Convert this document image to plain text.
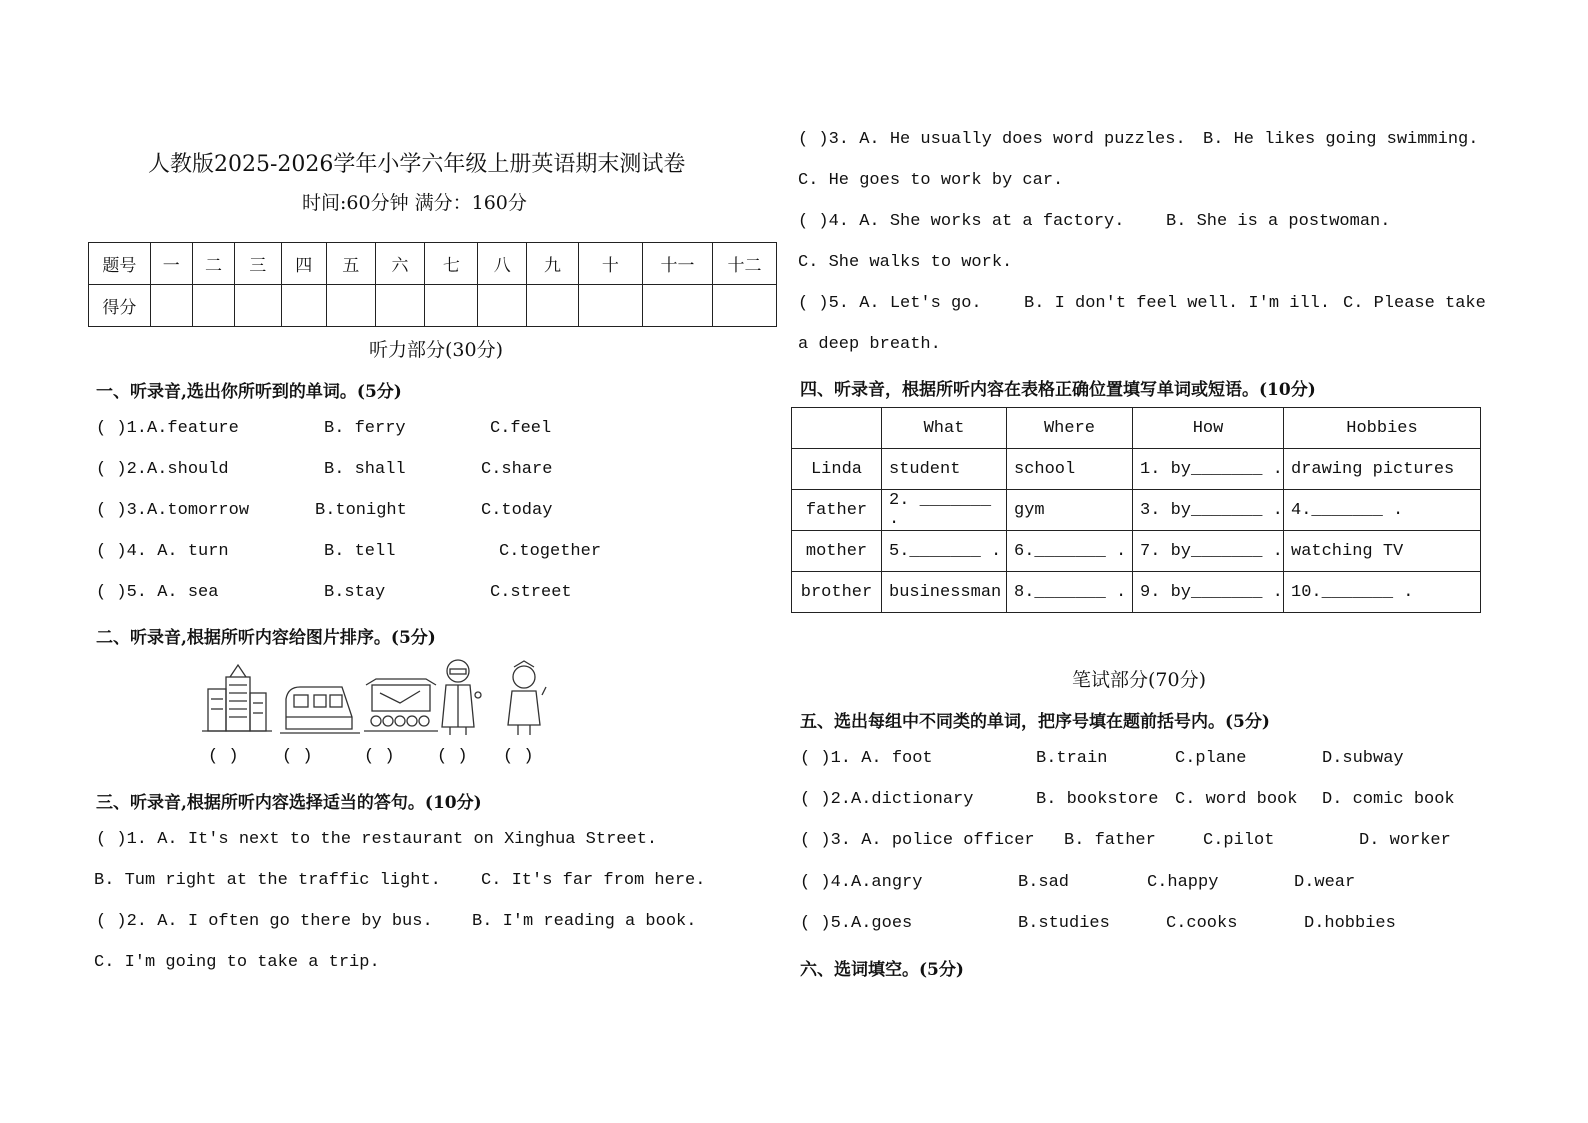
人教版2025-2026学年小学六年级上册英语期末测试卷
时间:60分钟 满分：160分
题号	一	二	三	四	五	六	七	八	九	十	十一	十二
得分												
听力部分(30分)
一、听录音,选出你所听到的单词。(5分)
( )1.A.feature	B. ferry	C.feel
( )2.A.should	B. shall	C.share
( )3.A.tomorrow	B.tonight	C.today
( )4. A. turn	B. tell	C.together
( )5. A. sea	B.stay	C.street
二、听录音,根据所听内容给图片排序。(5分)
( )	( )	( ) ( ) ( )
三、听录音,根据所听内容选择适当的答句。(10分)
( )1. A. It's next to the restaurant on Xinghua Street.
B. Tum right at the traffic light. C. It's far from here.
( )2. A. I often go there by bus. B. I'm reading a book.
C. I'm going to take a trip.
( )3. A. He usually does word puzzles. B. He likes going swimming.
C. He goes to work by car.
( )4. A. She works at a factory. B. She is a postwoman.
C. She walks to work.
( )5. A. Let's go. B. I don't feel well. I'm ill. C. Please take
a deep breath.
四、听录音，根据所听内容在表格正确位置填写单词或短语。(10分)
	What	Where	How	Hobbies
Linda	student	school	1. by_______ .	drawing pictures
father	2. _______ .	gym	3. by_______ .	4._______ .
mother	5._______ .	6._______ .	7. by_______ .	watching TV
brother	businessman	8._______ .	9. by_______ .	10._______ .
笔试部分(70分)
五、选出每组中不同类的单词，把序号填在题前括号内。(5分)
( )1. A. foot	B.train	C.plane	D.subway
( )2.A.dictionary	B. bookstore C. word book D. comic book
( )3. A. police officer B. father	C.pilot	D. worker
( )4.A.angry	B.sad	C.happy	D.wear
( )5.A.goes	B.studies	C.cooks	D.hobbies
六、选词填空。(5分)
